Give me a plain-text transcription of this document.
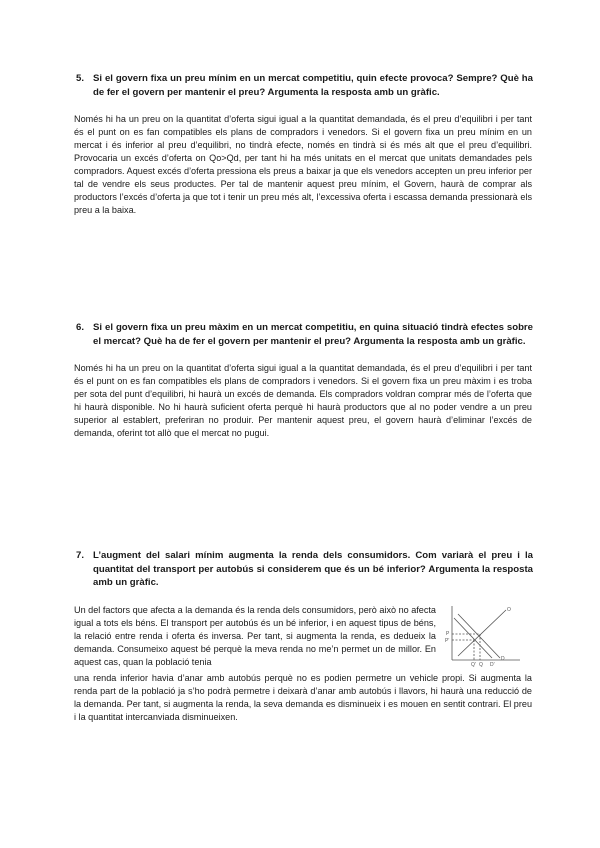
5. Si el govern fixa un preu mínim en un mercat competitiu, quin efecte provoca? Sempre? Què ha de fer el govern per mantenir el preu? Argumenta la resposta amb un gràfic.
Només hi ha un preu on la quantitat d’oferta sigui igual a la quantitat demandada, és el preu d’equilibri i per tant és el punt on es fan compatibles els plans de compradors i venedors. Si el govern fixa un preu mínim en un mercat i és inferior al preu d’equilibri, no tindrà efecte, només en tindrà si és més alt que el preu d’equilibri. Provocaria un excés d’oferta on Qo>Qd, per tant hi ha més unitats en el mercat que unitats demandades pels compradors. Aquest excés d’oferta pressiona els preus a baixar ja que els venedors accepten un preu inferior per tal de vendre els seus productes. Per tal de mantenir aquest preu mínim, el Govern, haurà de comprar als productors l’excés d’oferta ja que tot i tenir un preu més alt, l’excessiva oferta i escassa demanda pressionarà els preu a la baixa.
6. Si el govern fixa un preu màxim en un mercat competitiu, en quina situació tindrà efectes sobre el mercat? Què ha de fer el govern per mantenir el preu? Argumenta la resposta amb un gràfic.
Només hi ha un preu on la quantitat d’oferta sigui igual a la quantitat demandada, és el preu d’equilibri i per tant és el punt on es fan compatibles els plans de compradors i venedors. Si el govern fixa un preu màxim i es troba per sota del punt d’equilibri, hi haurà un excés de demanda. Els compradors voldran comprar més de l’oferta que hi haurà disponible. No hi haurà suficient oferta perquè hi haurà productors que al no poder vendre a un preu superior al establert, preferiran no produir. Per mantenir aquest preu, el govern haurà d’eliminar l’excés de demanda, oferint tot allò que el mercat no pugui.
7. L’augment del salari mínim augmenta la renda dels consumidors. Com variarà el preu i la quantitat del transport per autobús si considerem que és un bé inferior? Argumenta la resposta amb un gràfic.
Un del factors que afecta a la demanda és la renda dels consumidors, però això no afecta igual a tots els béns. El transport per autobús és un bé inferior, i en aquest tipus de béns, la relació entre renda i oferta és inversa. Per tant, si augmenta la renda, es dedueix la demanda. Consumeixo aquest bé perquè la meva renda no me’n permet un de millor. En aquest cas, quan la població tenia
una renda inferior havia d’anar amb autobús perquè no es podien permetre un vehicle propi. Si augmenta la renda part de la població ja s’ho podrà permetre i deixarà d’anar amb autobús i llavors, hi haurà una reducció de la demanda. Per tant, si augmenta la renda, la seva demanda es disminueix i es mouen en sentit contrari. El preu i la quantitat intercanviada disminueixen.
O
P
P'
Q' Q
D
D'
